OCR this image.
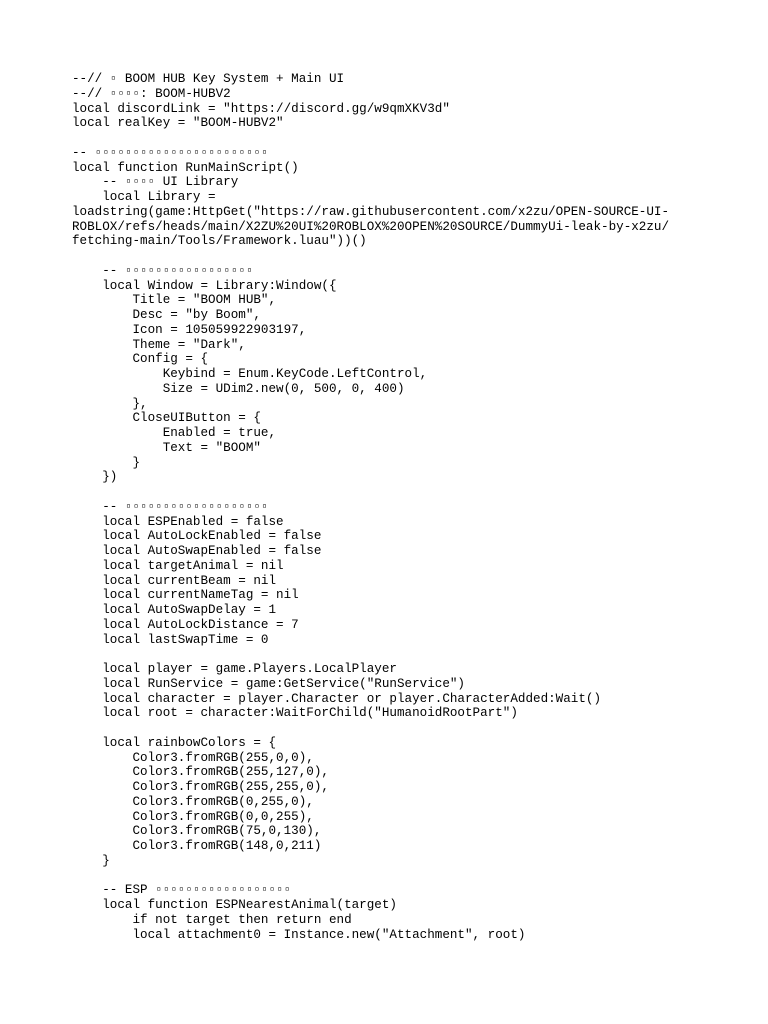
--// ▫ BOOM HUB Key System + Main UI
--// ▫▫▫▫: BOOM-HUBV2
local discordLink = "https://discord.gg/w9qmXKV3d"
local realKey = "BOOM-HUBV2"
-- ▫▫▫▫▫▫▫▫▫▫▫▫▫▫▫▫▫▫▫▫▫▫▫
local function RunMainScript()
-- ▫▫▫▫ UI Library
local Library =
loadstring(game:HttpGet("https://raw.githubusercontent.com/x2zu/OPEN-SOURCE-UI-
ROBLOX/refs/heads/main/X2ZU%20UI%20ROBLOX%20OPEN%20SOURCE/DummyUi-leak-by-x2zu/
fetching-main/Tools/Framework.luau"))()
-- ▫▫▫▫▫▫▫▫▫▫▫▫▫▫▫▫▫
local Window = Library:Window({
Title = "BOOM HUB",
Desc = "by Boom",
Icon = 105059922903197,
Theme = "Dark",
Config = {
Keybind = Enum.KeyCode.LeftControl,
Size = UDim2.new(0, 500, 0, 400)
},
CloseUIButton = {
Enabled = true,
Text = "BOOM"
}
})
-- ▫▫▫▫▫▫▫▫▫▫▫▫▫▫▫▫▫▫▫
local ESPEnabled = false
local AutoLockEnabled = false
local AutoSwapEnabled = false
local targetAnimal = nil
local currentBeam = nil
local currentNameTag = nil
local AutoSwapDelay = 1
local AutoLockDistance = 7
local lastSwapTime = 0
local player = game.Players.LocalPlayer
local RunService = game:GetService("RunService")
local character = player.Character or player.CharacterAdded:Wait()
local root = character:WaitForChild("HumanoidRootPart")
local rainbowColors = {
Color3.fromRGB(255,0,0),
Color3.fromRGB(255,127,0),
Color3.fromRGB(255,255,0),
Color3.fromRGB(0,255,0),
Color3.fromRGB(0,0,255),
Color3.fromRGB(75,0,130),
Color3.fromRGB(148,0,211)
}
-- ESP ▫▫▫▫▫▫▫▫▫▫▫▫▫▫▫▫▫▫
local function ESPNearestAnimal(target)
if not target then return end
local attachment0 = Instance.new("Attachment", root)
